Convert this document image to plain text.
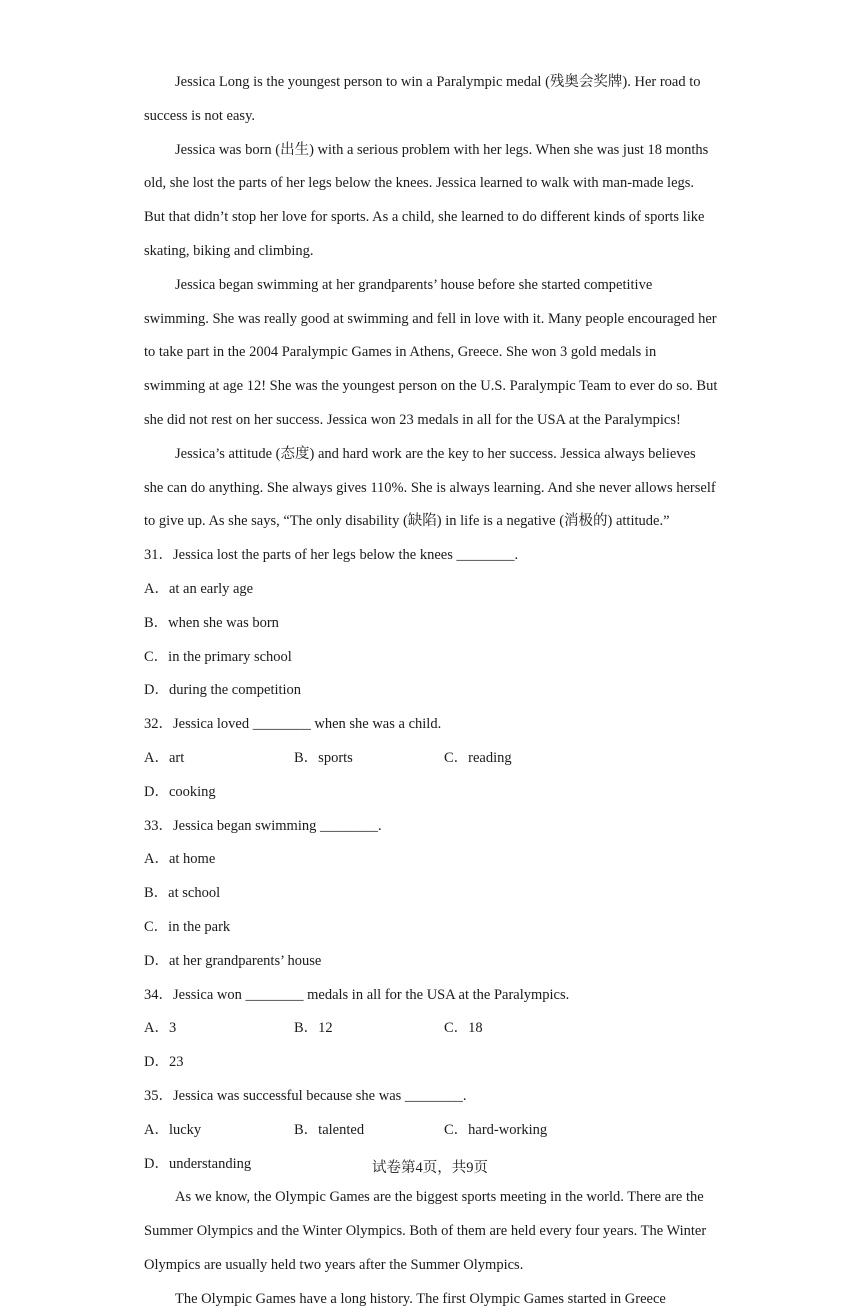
Jessica Long is the youngest person to win a Paralympic medal (残奥会奖牌). Her road to success is not easy.

Jessica was born (出生) with a serious problem with her legs. When she was just 18 months old, she lost the parts of her legs below the knees. Jessica learned to walk with man-made legs. But that didn’t stop her love for sports. As a child, she learned to do different kinds of sports like skating, biking and climbing.

Jessica began swimming at her grandparents’ house before she started competitive swimming. She was really good at swimming and fell in love with it. Many people encouraged her to take part in the 2004 Paralympic Games in Athens, Greece. She won 3 gold medals in swimming at age 12! She was the youngest person on the U.S. Paralympic Team to ever do so. But she did not rest on her success. Jessica won 23 medals in all for the USA at the Paralympics!

Jessica’s attitude (态度) and hard work are the key to her success. Jessica always believes she can do anything. She always gives 110%. She is always learning. And she never allows herself to give up. As she says, “The only disability (缺陷) in life is a negative (消极的) attitude.”

31．Jessica lost the parts of her legs below the knees ________.

A．at an early age
B．when she was born
C．in the primary school
D．during the competition

32．Jessica loved ________ when she was a child.

A．art	B．sports	C．reading
D．cooking

33．Jessica began swimming ________.

A．at home
B．at school
C．in the park
D．at her grandparents’ house

34．Jessica won ________ medals in all for the USA at the Paralympics.

A．3	B．12	C．18
D．23

35．Jessica was successful because she was ________.

A．lucky	B．talented	C．hard-working
D．understanding

As we know, the Olympic Games are the biggest sports meeting in the world. There are the Summer Olympics and the Winter Olympics. Both of them are held every four years. The Winter Olympics are usually held two years after the Summer Olympics.

The Olympic Games have a long history. The first Olympic Games started in Greece

试卷第4页，共9页
